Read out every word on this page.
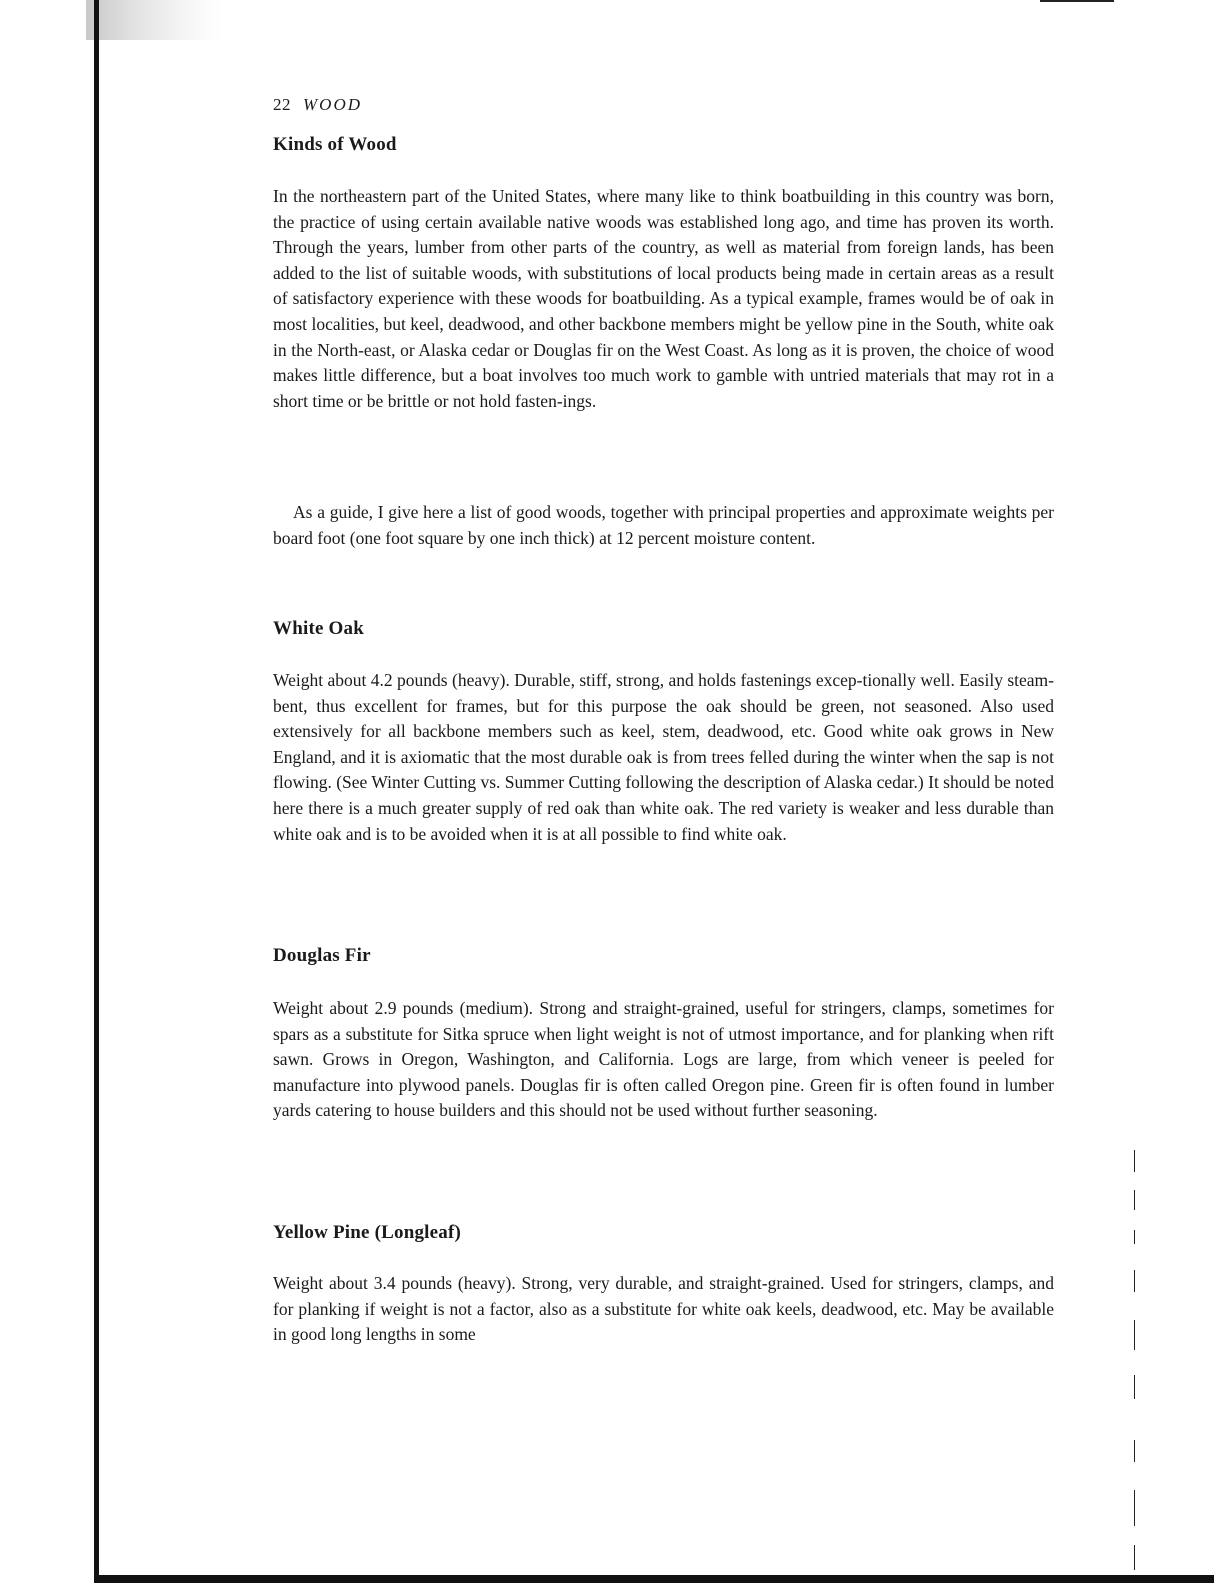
22 WOOD
Kinds of Wood

In the northeastern part of the United States, where many like to think boatbuilding in this country was born, the practice of using certain available native woods was established long ago, and time has proven its worth. Through the years, lumber from other parts of the country, as well as material from foreign lands, has been added to the list of suitable woods, with substitutions of local products being made in certain areas as a result of satisfactory experience with these woods for boatbuilding. As a typical example, frames would be of oak in most localities, but keel, deadwood, and other backbone members might be yellow pine in the South, white oak in the North-east, or Alaska cedar or Douglas fir on the West Coast. As long as it is proven, the choice of wood makes little difference, but a boat involves too much work to gamble with untried materials that may rot in a short time or be brittle or not hold fasten-ings.

As a guide, I give here a list of good woods, together with principal properties and approximate weights per board foot (one foot square by one inch thick) at 12 percent moisture content.

White Oak

Weight about 4.2 pounds (heavy). Durable, stiff, strong, and holds fastenings excep-tionally well. Easily steam-bent, thus excellent for frames, but for this purpose the oak should be green, not seasoned. Also used extensively for all backbone members such as keel, stem, deadwood, etc. Good white oak grows in New England, and it is axiomatic that the most durable oak is from trees felled during the winter when the sap is not flowing. (See Winter Cutting vs. Summer Cutting following the description of Alaska cedar.) It should be noted here there is a much greater supply of red oak than white oak. The red variety is weaker and less durable than white oak and is to be avoided when it is at all possible to find white oak.

Douglas Fir

Weight about 2.9 pounds (medium). Strong and straight-grained, useful for stringers, clamps, sometimes for spars as a substitute for Sitka spruce when light weight is not of utmost importance, and for planking when rift sawn. Grows in Oregon, Washington, and California. Logs are large, from which veneer is peeled for manufacture into plywood panels. Douglas fir is often called Oregon pine. Green fir is often found in lumber yards catering to house builders and this should not be used without further seasoning.

Yellow Pine (Longleaf)

Weight about 3.4 pounds (heavy). Strong, very durable, and straight-grained. Used for stringers, clamps, and for planking if weight is not a factor, also as a substitute for white oak keels, deadwood, etc. May be available in good long lengths in some
